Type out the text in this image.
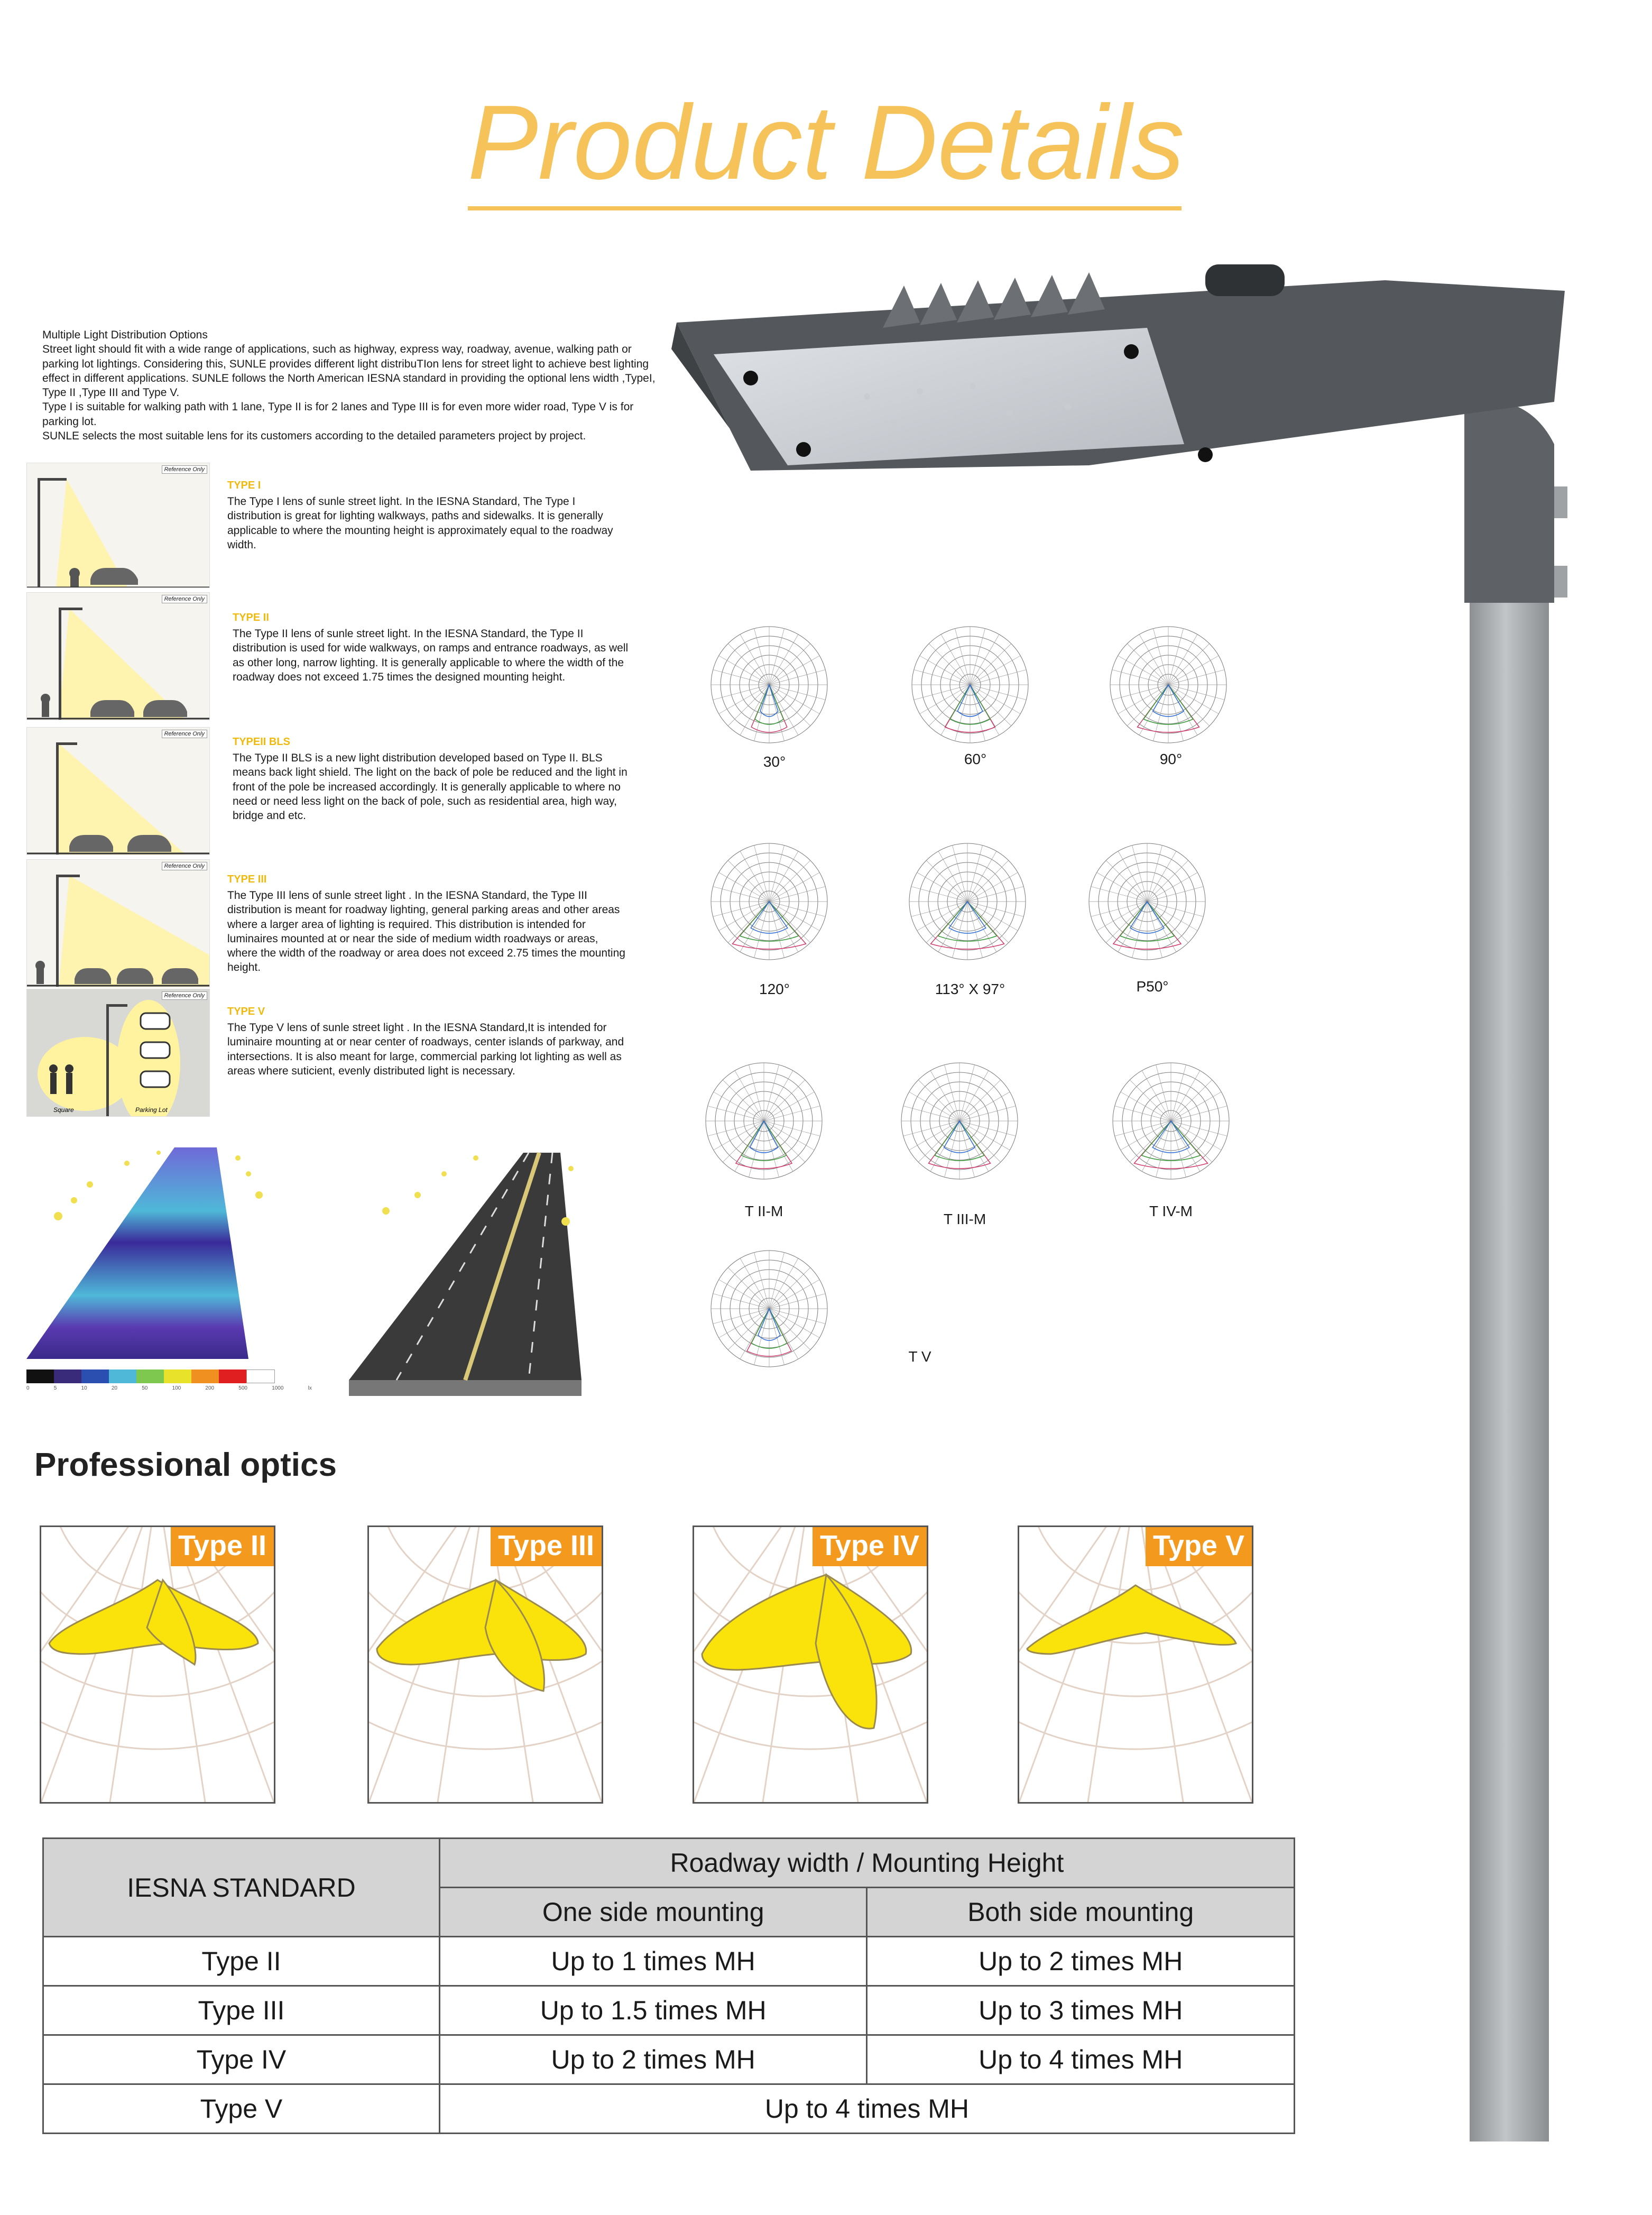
Product Details

Multiple Light Distribution Options

Street light should fit with a wide range of applications, such as highway, express way, roadway, avenue, walking path or parking lot lightings. Considering this, SUNLE provides different light distribuTIon lens for street light to achieve best lighting effect in different applications. SUNLE follows the North American IESNA standard in providing the optional lens width ,TypeI, Type II ,Type III and Type V.

Type I is suitable for walking path with 1 lane, Type II is for 2 lanes and Type III is for even more wider road, Type V is for parking lot.

SUNLE selects the most suitable lens for its customers according to the detailed parameters project by project.

Reference Only
TYPE I

The Type I lens of sunle street light. In the IESNA Standard, The Type I distribution is great for lighting walkways, paths and sidewalks. It is generally applicable to where the mounting height is approximately equal to the roadway width.

Reference Only
TYPE II

The Type II lens of sunle street light. In the IESNA Standard, the Type II distribution is used for wide walkways, on ramps and entrance roadways, as well as other long, narrow lighting. It is generally applicable to where the width of the roadway does not exceed 1.75 times the designed mounting height.

Reference Only
TYPEII BLS

The Type II BLS is a new light distribution developed based on Type II. BLS means back light shield. The light on the back of pole be reduced and the light in front of the pole be increased accordingly. It is generally applicable to where no need or need less light on the back of pole, such as residential area, high way, bridge and etc.

Reference Only
TYPE III

The Type III lens of sunle street light . In the IESNA Standard, the Type III distribution is meant for roadway lighting, general parking areas and other areas where a larger area of lighting is required. This distribution is intended for luminaires mounted at or near the side of medium width roadways or areas, where the width of the roadway or area does not exceed 2.75 times the mounting height.

Square	Parking Lot
Reference Only
TYPE V

The Type V lens of sunle street light . In the IESNA Standard,It is intended for luminaire mounting at or near center of roadways, center islands of parkway, and intersections. It is also meant for large, commercial parking lot lighting as well as areas where suticient, evenly distributed light is necessary.

0	5	10	20	50	100	200	500	1000	lx
30°	60°	90°
120°	113° X 97°	P50°
T II-M	T III-M	T IV-M
T V
Professional optics
Type II	Type III	Type IV	Type V
IESNA STANDARD	Roadway width / Mounting Height	
	One side mounting	Both side mounting
Type II	Up to 1 times MH	Up to 2 times MH
Type III	Up to 1.5 times MH	Up to 3 times MH
Type IV	Up to 2 times MH	Up to 4 times MH
Type V	Up to 4 times MH	
